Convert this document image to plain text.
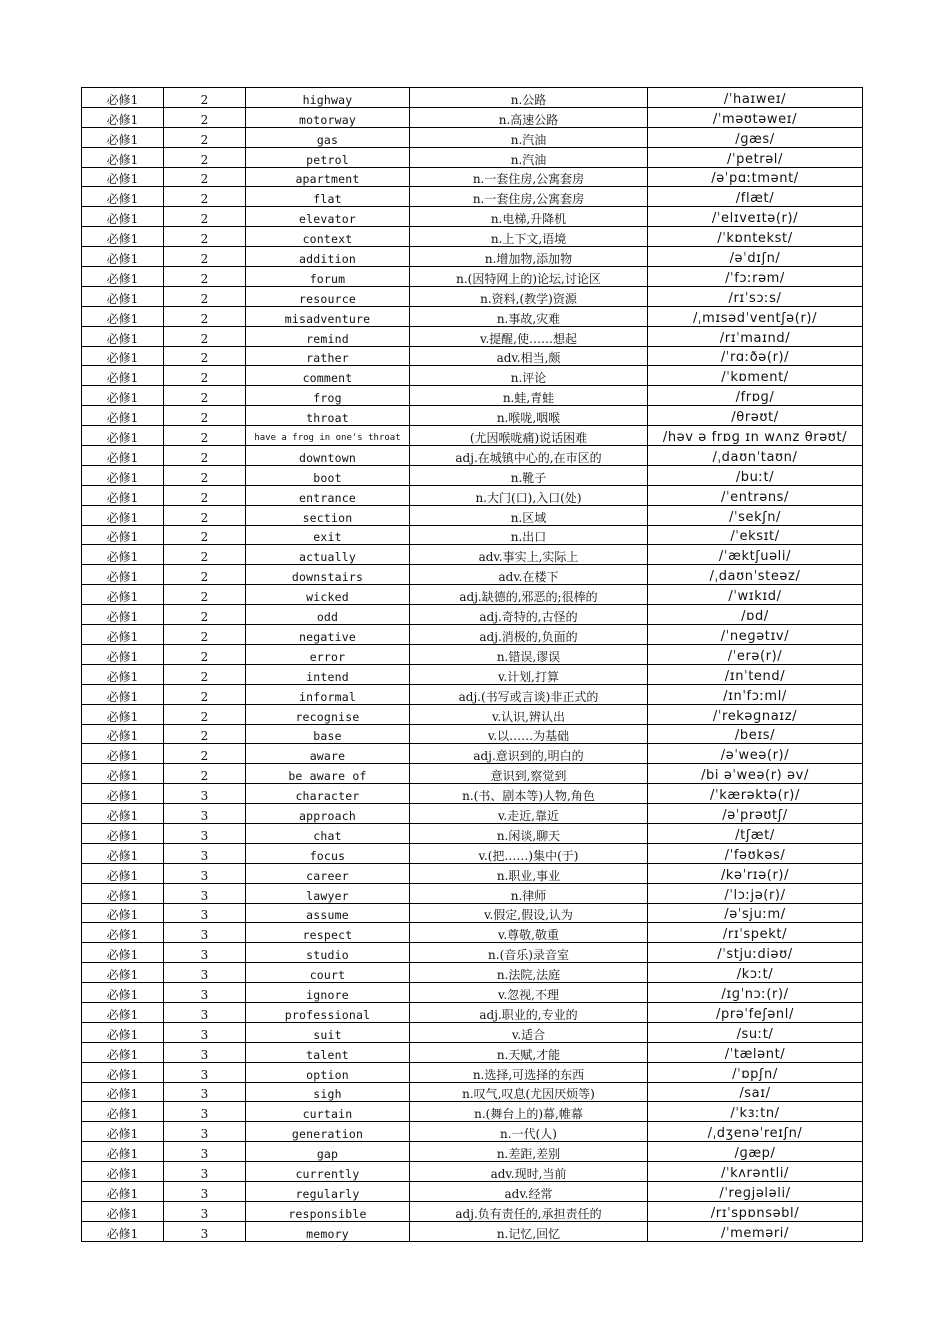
必修1	2	highway	n.公路	/ˈhaɪweɪ/
必修1	2	motorway	n.高速公路	/ˈməʊtəweɪ/
必修1	2	gas	n.汽油	/ɡæs/
必修1	2	petrol	n.汽油	/ˈpetrəl/
必修1	2	apartment	n.一套住房,公寓套房	/əˈpɑːtmənt/
必修1	2	flat	n.一套住房,公寓套房	/flæt/
必修1	2	elevator	n.电梯,升降机	/ˈelɪveɪtə(r)/
必修1	2	context	n.上下文,语境	/ˈkɒntekst/
必修1	2	addition	n.增加物,添加物	/əˈdɪʃn/
必修1	2	forum	n.(因特网上的)论坛,讨论区	/ˈfɔːrəm/
必修1	2	resource	n.资料,(教学)资源	/rɪˈsɔːs/
必修1	2	misadventure	n.事故,灾难	/ˌmɪsədˈventʃə(r)/
必修1	2	remind	v.提醒,使……想起	/rɪˈmaɪnd/
必修1	2	rather	adv.相当,颇	/ˈrɑːðə(r)/
必修1	2	comment	n.评论	/ˈkɒment/
必修1	2	frog	n.蛙,青蛙	/frɒɡ/
必修1	2	throat	n.喉咙,咽喉	/θrəʊt/
必修1	2	have a frog in one's throat	(尤因喉咙痛)说话困难	/həv ə frɒɡ ɪn wʌnz θrəʊt/
必修1	2	downtown	adj.在城镇中心的,在市区的	/ˌdaʊnˈtaʊn/
必修1	2	boot	n.靴子	/buːt/
必修1	2	entrance	n.大门(口),入口(处)	/ˈentrəns/
必修1	2	section	n.区域	/ˈsekʃn/
必修1	2	exit	n.出口	/ˈeksɪt/
必修1	2	actually	adv.事实上,实际上	/ˈæktʃuəli/
必修1	2	downstairs	adv.在楼下	/ˌdaʊnˈsteəz/
必修1	2	wicked	adj.缺德的,邪恶的;很棒的	/ˈwɪkɪd/
必修1	2	odd	adj.奇特的,古怪的	/ɒd/
必修1	2	negative	adj.消极的,负面的	/ˈneɡətɪv/
必修1	2	error	n.错误,谬误	/ˈerə(r)/
必修1	2	intend	v.计划,打算	/ɪnˈtend/
必修1	2	informal	adj.(书写或言谈)非正式的	/ɪnˈfɔːml/
必修1	2	recognise	v.认识,辨认出	/ˈrekəɡnaɪz/
必修1	2	base	v.以……为基础	/beɪs/
必修1	2	aware	adj.意识到的,明白的	/əˈweə(r)/
必修1	2	be aware of	意识到,察觉到	/bi əˈweə(r) əv/
必修1	3	character	n.(书、剧本等)人物,角色	/ˈkærəktə(r)/
必修1	3	approach	v.走近,靠近	/əˈprəʊtʃ/
必修1	3	chat	n.闲谈,聊天	/tʃæt/
必修1	3	focus	v.(把……)集中(于)	/ˈfəʊkəs/
必修1	3	career	n.职业,事业	/kəˈrɪə(r)/
必修1	3	lawyer	n.律师	/ˈlɔːjə(r)/
必修1	3	assume	v.假定,假设,认为	/əˈsjuːm/
必修1	3	respect	v.尊敬,敬重	/rɪˈspekt/
必修1	3	studio	n.(音乐)录音室	/ˈstjuːdiəʊ/
必修1	3	court	n.法院,法庭	/kɔːt/
必修1	3	ignore	v.忽视,不理	/ɪɡˈnɔː(r)/
必修1	3	professional	adj.职业的,专业的	/prəˈfeʃənl/
必修1	3	suit	v.适合	/suːt/
必修1	3	talent	n.天赋,才能	/ˈtælənt/
必修1	3	option	n.选择,可选择的东西	/ˈɒpʃn/
必修1	3	sigh	n.叹气,叹息(尤因厌烦等)	/saɪ/
必修1	3	curtain	n.(舞台上的)幕,帷幕	/ˈkɜːtn/
必修1	3	generation	n.一代(人)	/ˌdʒenəˈreɪʃn/
必修1	3	gap	n.差距,差别	/ɡæp/
必修1	3	currently	adv.现时,当前	/ˈkʌrəntli/
必修1	3	regularly	adv.经常	/ˈreɡjələli/
必修1	3	responsible	adj.负有责任的,承担责任的	/rɪˈspɒnsəbl/
必修1	3	memory	n.记忆,回忆	/ˈmeməri/
